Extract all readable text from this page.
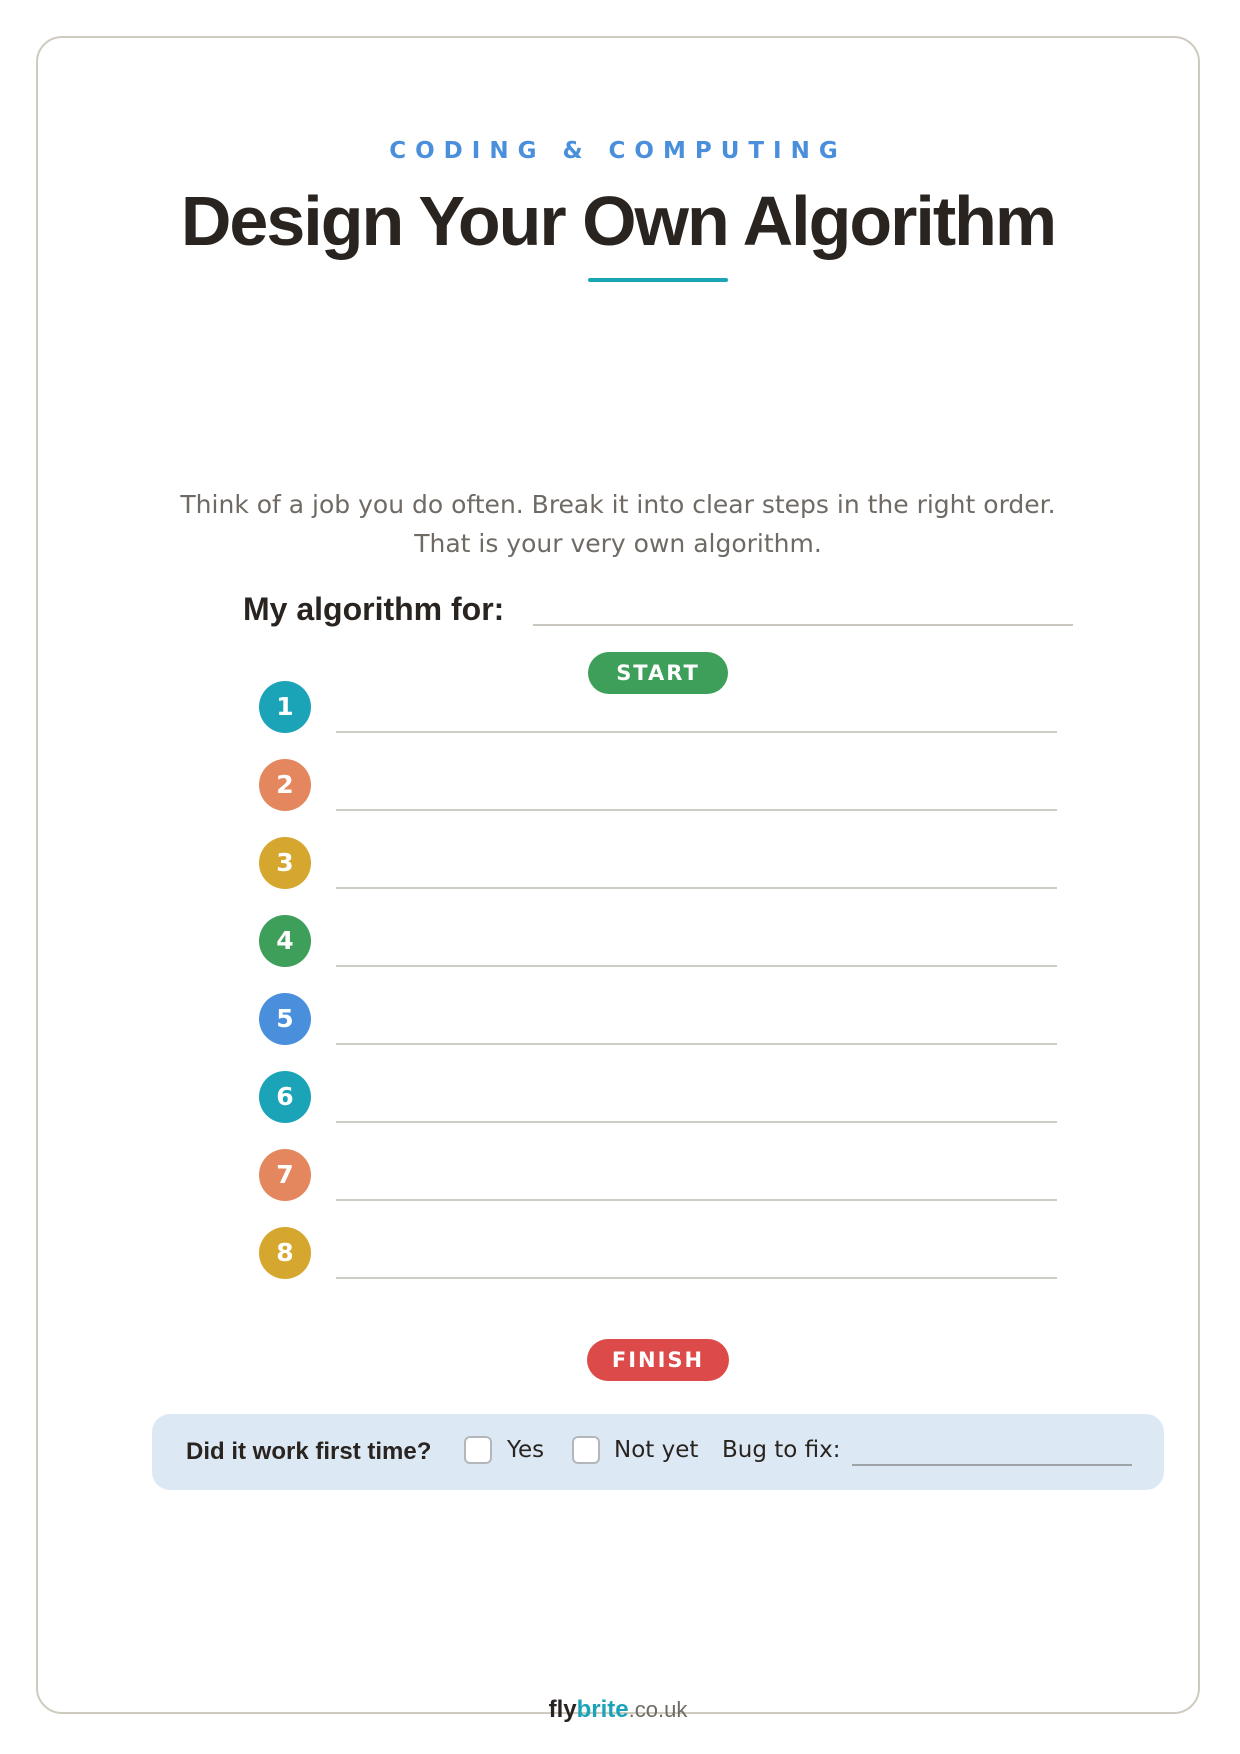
CODING & COMPUTING
Design Your Own Algorithm
Think of a job you do often. Break it into clear steps in the right order.
That is your very own algorithm.
My algorithm for:
START
1
2
3
4
5
6
7
8
FINISH
Did it work first time?	Yes	Not yet Bug to fix:
flybrite.co.uk
